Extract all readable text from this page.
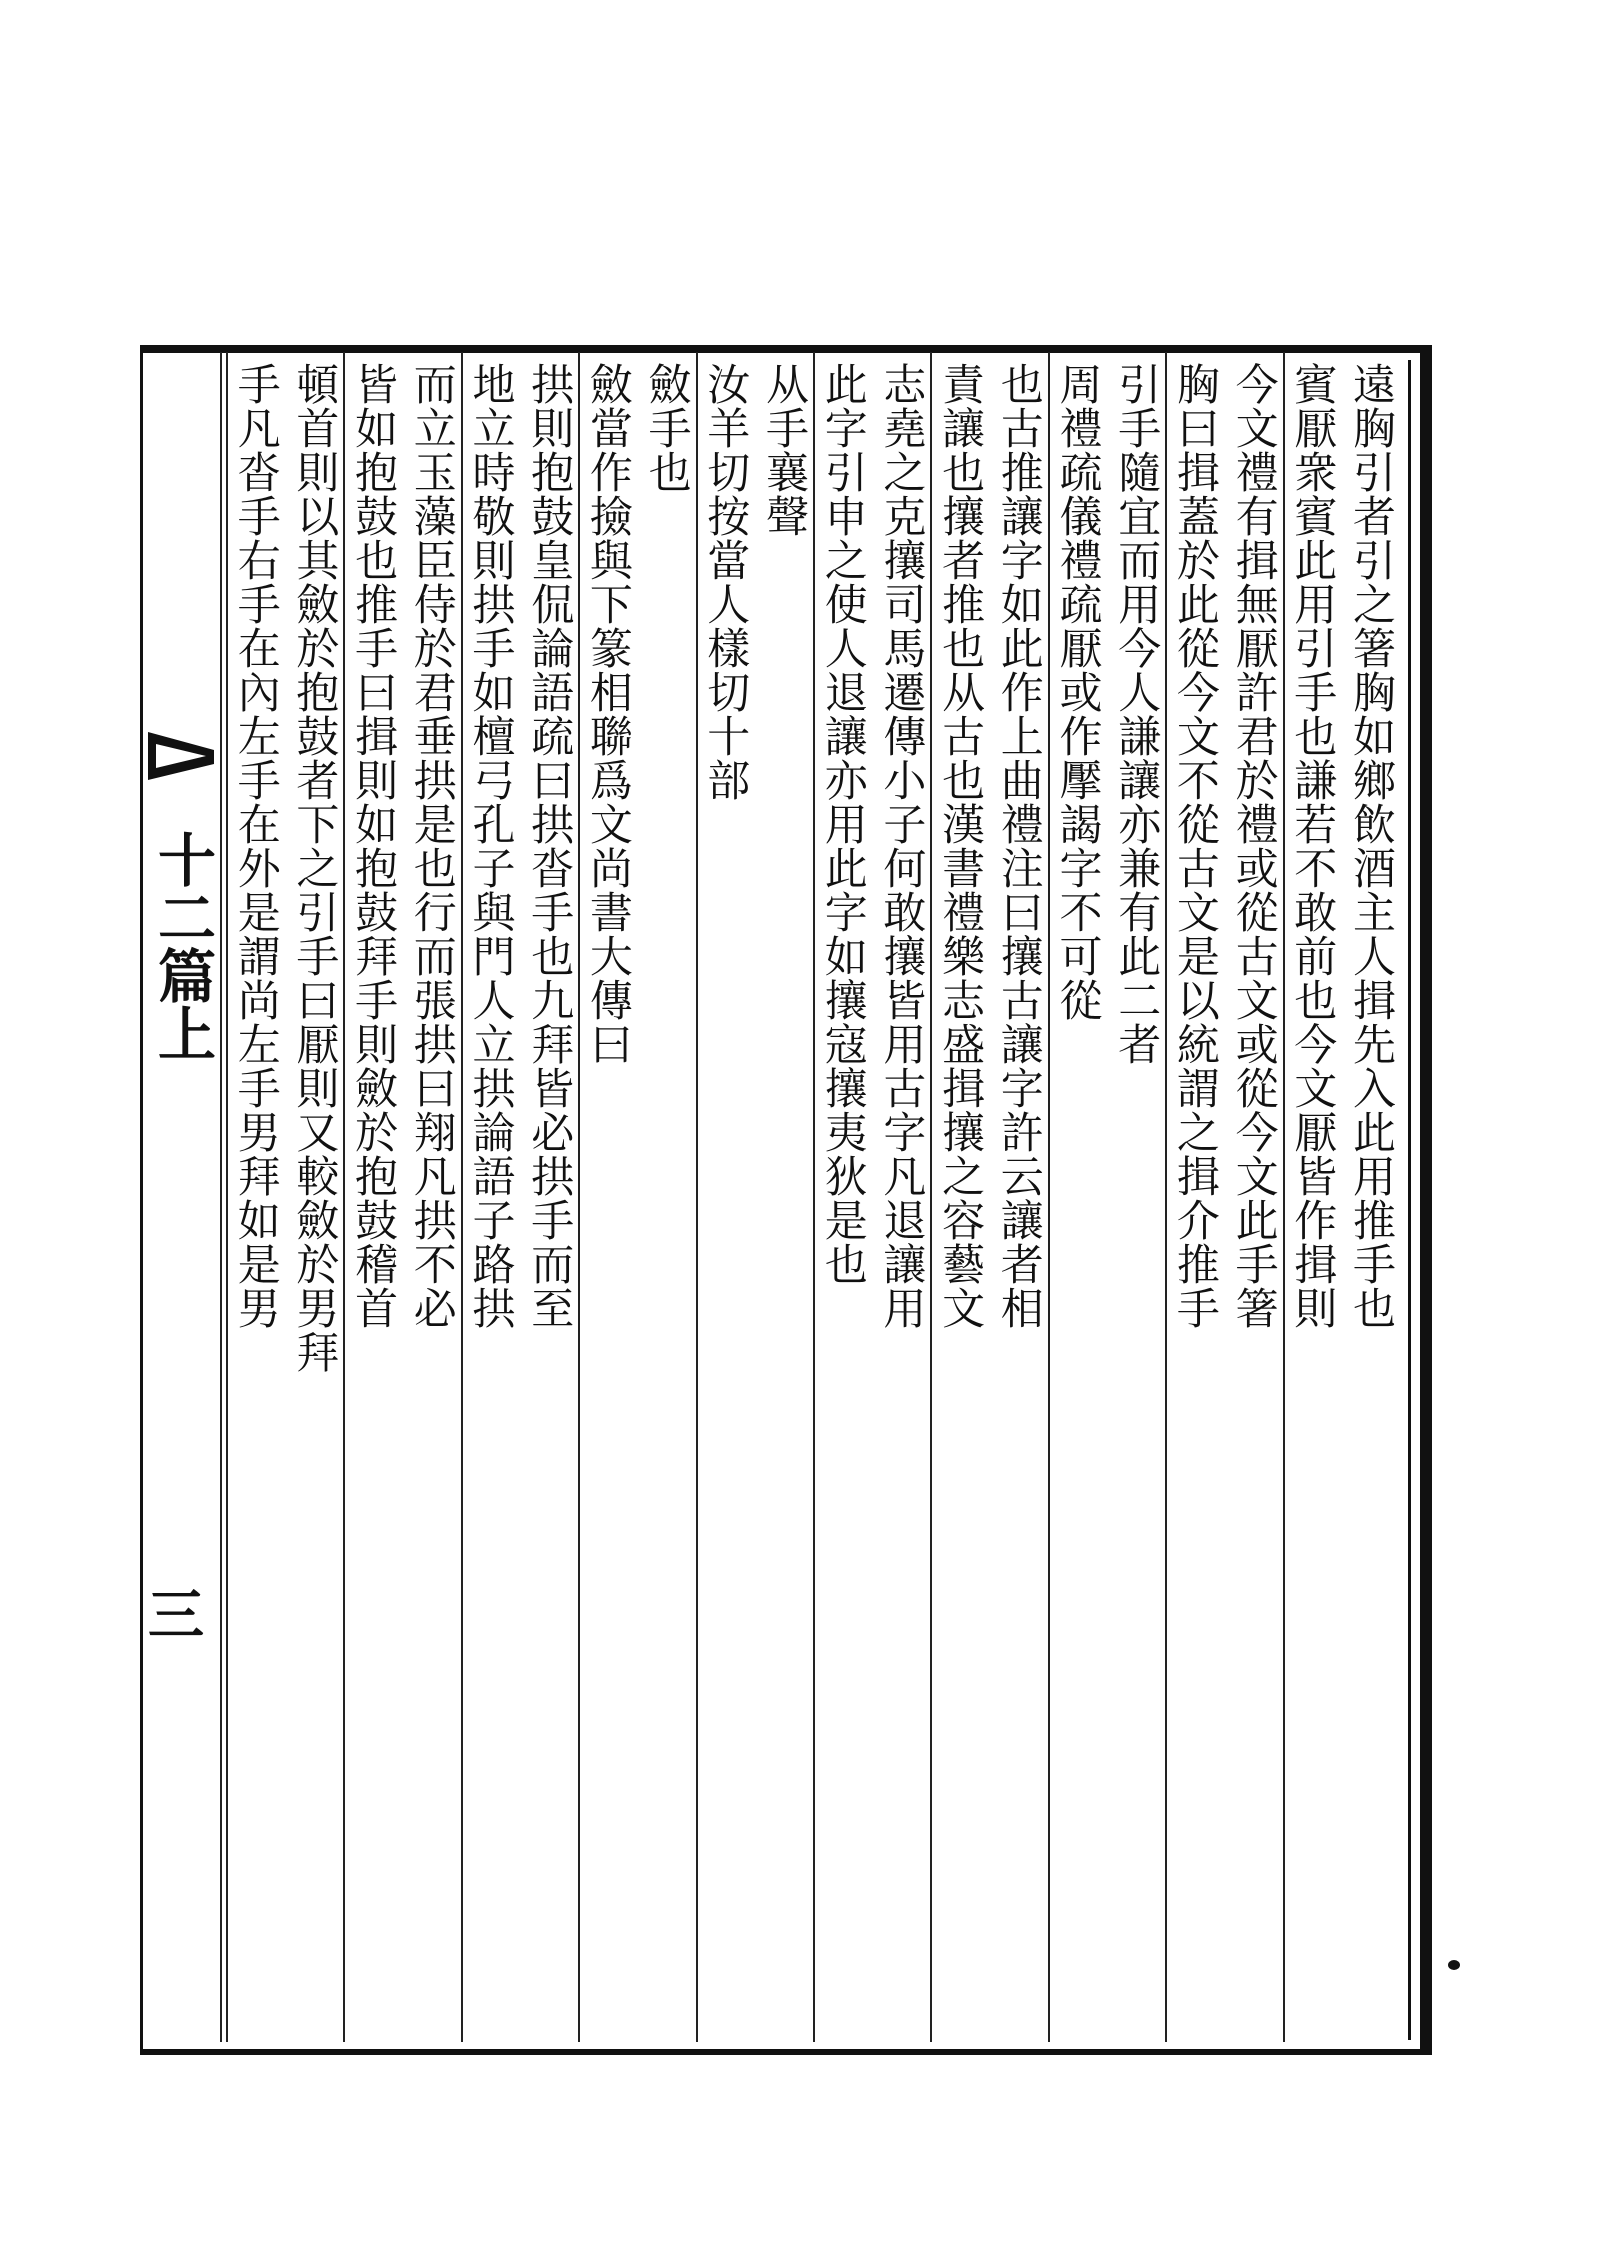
十二篇上
三
遠胸引者引之箸胸如鄉飲酒主人揖先入此用推手也
賓厭衆賓此用引手也謙若不敢前也今文厭皆作揖則
今文禮有揖無厭許君於禮或從古文或從今文此手箸
胸曰揖蓋於此從今文不從古文是以統謂之揖介推手
引手隨宜而用今人謙讓亦兼有此二者
周禮疏儀禮疏厭或作擪謁字不可從
也古推讓字如此作上曲禮注曰攘古讓字許云讓者相
責讓也攘者推也从古也漢書禮樂志盛揖攘之容藝文
志堯之克攘司馬遷傳小子何敢攘皆用古字凡退讓用
此字引申之使人退讓亦用此字如攘寇攘夷狄是也
从手襄聲
汝羊切按當人樣切十部
斂手也
斂當作撿與下篆相聯爲文尚書大傳曰
拱則抱鼓皇侃論語疏曰拱沓手也九拜皆必拱手而至
地立時敬則拱手如檀弓孔子與門人立拱論語子路拱
而立玉藻臣侍於君垂拱是也行而張拱曰翔凡拱不必
皆如抱鼓也推手曰揖則如抱鼓拜手則斂於抱鼓稽首
頓首則以其斂於抱鼓者下之引手曰厭則又較斂於男拜
手凡沓手右手在內左手在外是謂尚左手男拜如是男
